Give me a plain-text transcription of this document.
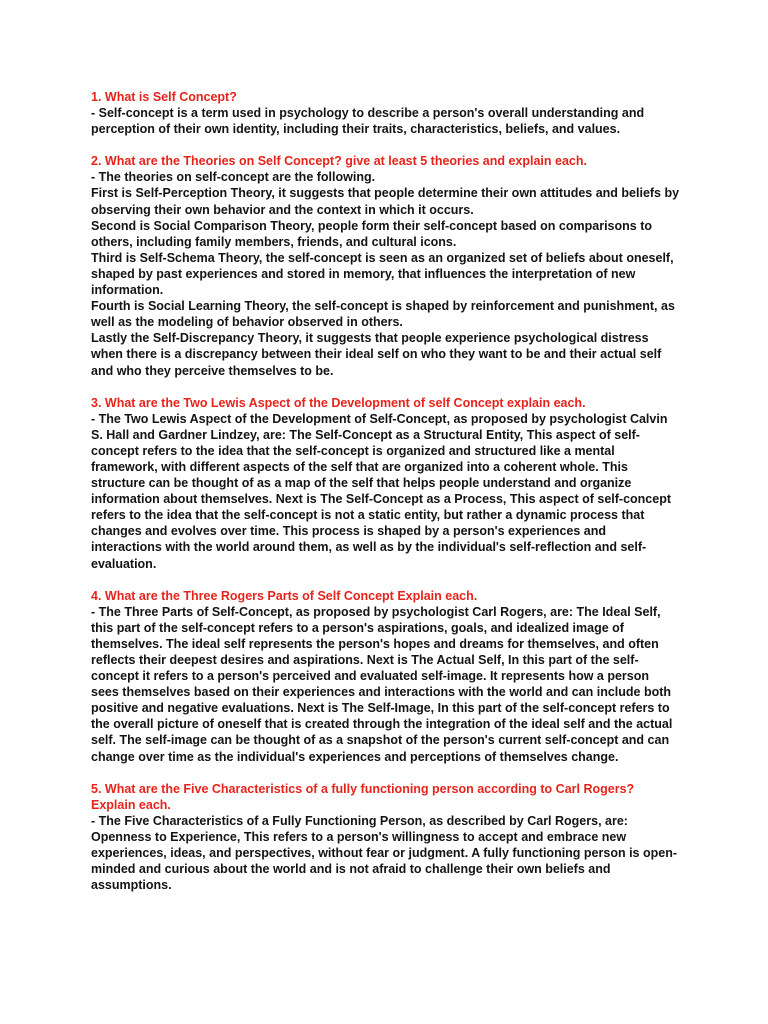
1. What is Self Concept?

- Self-concept is a term used in psychology to describe a person's overall understanding and perception of their own identity, including their traits, characteristics, beliefs, and values.

2. What are the Theories on Self Concept? give at least 5 theories and explain each.

- The theories on self-concept are the following.

First is Self-Perception Theory, it suggests that people determine their own attitudes and beliefs by observing their own behavior and the context in which it occurs.

Second is Social Comparison Theory, people form their self-concept based on comparisons to others, including family members, friends, and cultural icons.

Third is Self-Schema Theory, the self-concept is seen as an organized set of beliefs about oneself, shaped by past experiences and stored in memory, that influences the interpretation of new information.

Fourth is Social Learning Theory, the self-concept is shaped by reinforcement and punishment, as well as the modeling of behavior observed in others.

Lastly the Self-Discrepancy Theory, it suggests that people experience psychological distress when there is a discrepancy between their ideal self on who they want to be and their actual self and who they perceive themselves to be.

3. What are the Two Lewis Aspect of the Development of self Concept explain each.

- The Two Lewis Aspect of the Development of Self-Concept, as proposed by psychologist Calvin S. Hall and Gardner Lindzey, are: The Self-Concept as a Structural Entity, This aspect of self-concept refers to the idea that the self-concept is organized and structured like a mental framework, with different aspects of the self that are organized into a coherent whole. This structure can be thought of as a map of the self that helps people understand and organize information about themselves. Next is The Self-Concept as a Process, This aspect of self-concept refers to the idea that the self-concept is not a static entity, but rather a dynamic process that changes and evolves over time. This process is shaped by a person's experiences and interactions with the world around them, as well as by the individual's self-reflection and self-evaluation.

4. What are the Three Rogers Parts of Self Concept Explain each.

- The Three Parts of Self-Concept, as proposed by psychologist Carl Rogers, are: The Ideal Self, this part of the self-concept refers to a person's aspirations, goals, and idealized image of themselves. The ideal self represents the person's hopes and dreams for themselves, and often reflects their deepest desires and aspirations. Next is The Actual Self, In this part of the self-concept it refers to a person's perceived and evaluated self-image. It represents how a person sees themselves based on their experiences and interactions with the world and can include both positive and negative evaluations. Next is The Self-Image, In this part of the self-concept refers to the overall picture of oneself that is created through the integration of the ideal self and the actual self. The self-image can be thought of as a snapshot of the person's current self-concept and can change over time as the individual's experiences and perceptions of themselves change.

5. What are the Five Characteristics of a fully functioning person according to Carl Rogers? Explain each.

- The Five Characteristics of a Fully Functioning Person, as described by Carl Rogers, are: Openness to Experience, This refers to a person's willingness to accept and embrace new experiences, ideas, and perspectives, without fear or judgment. A fully functioning person is open-minded and curious about the world and is not afraid to challenge their own beliefs and assumptions.
